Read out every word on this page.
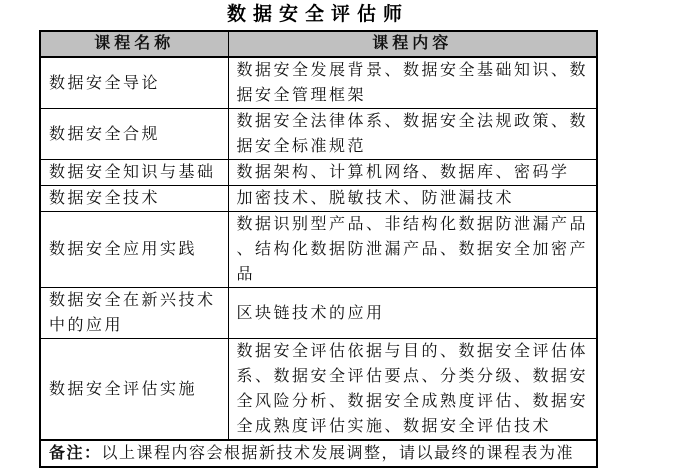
数据安全评估师
课程名称	课程内容
数据安全导论	数据安全发展背景、数据安全基础知识、数据安全管理框架
数据安全合规	数据安全法律体系、数据安全法规政策、数据安全标准规范
数据安全知识与基础	数据架构、计算机网络、数据库、密码学
数据安全技术	加密技术、脱敏技术、防泄漏技术
数据安全应用实践	数据识别型产品、非结构化数据防泄漏产品、结构化数据防泄漏产品、数据安全加密产品
数据安全在新兴技术中的应用	区块链技术的应用
数据安全评估实施	数据安全评估依据与目的、数据安全评估体系、数据安全评估要点、分类分级、数据安全风险分析、数据安全成熟度评估、数据安全成熟度评估实施、数据安全评估技术
备注：以上课程内容会根据新技术发展调整，请以最终的课程表为准	
